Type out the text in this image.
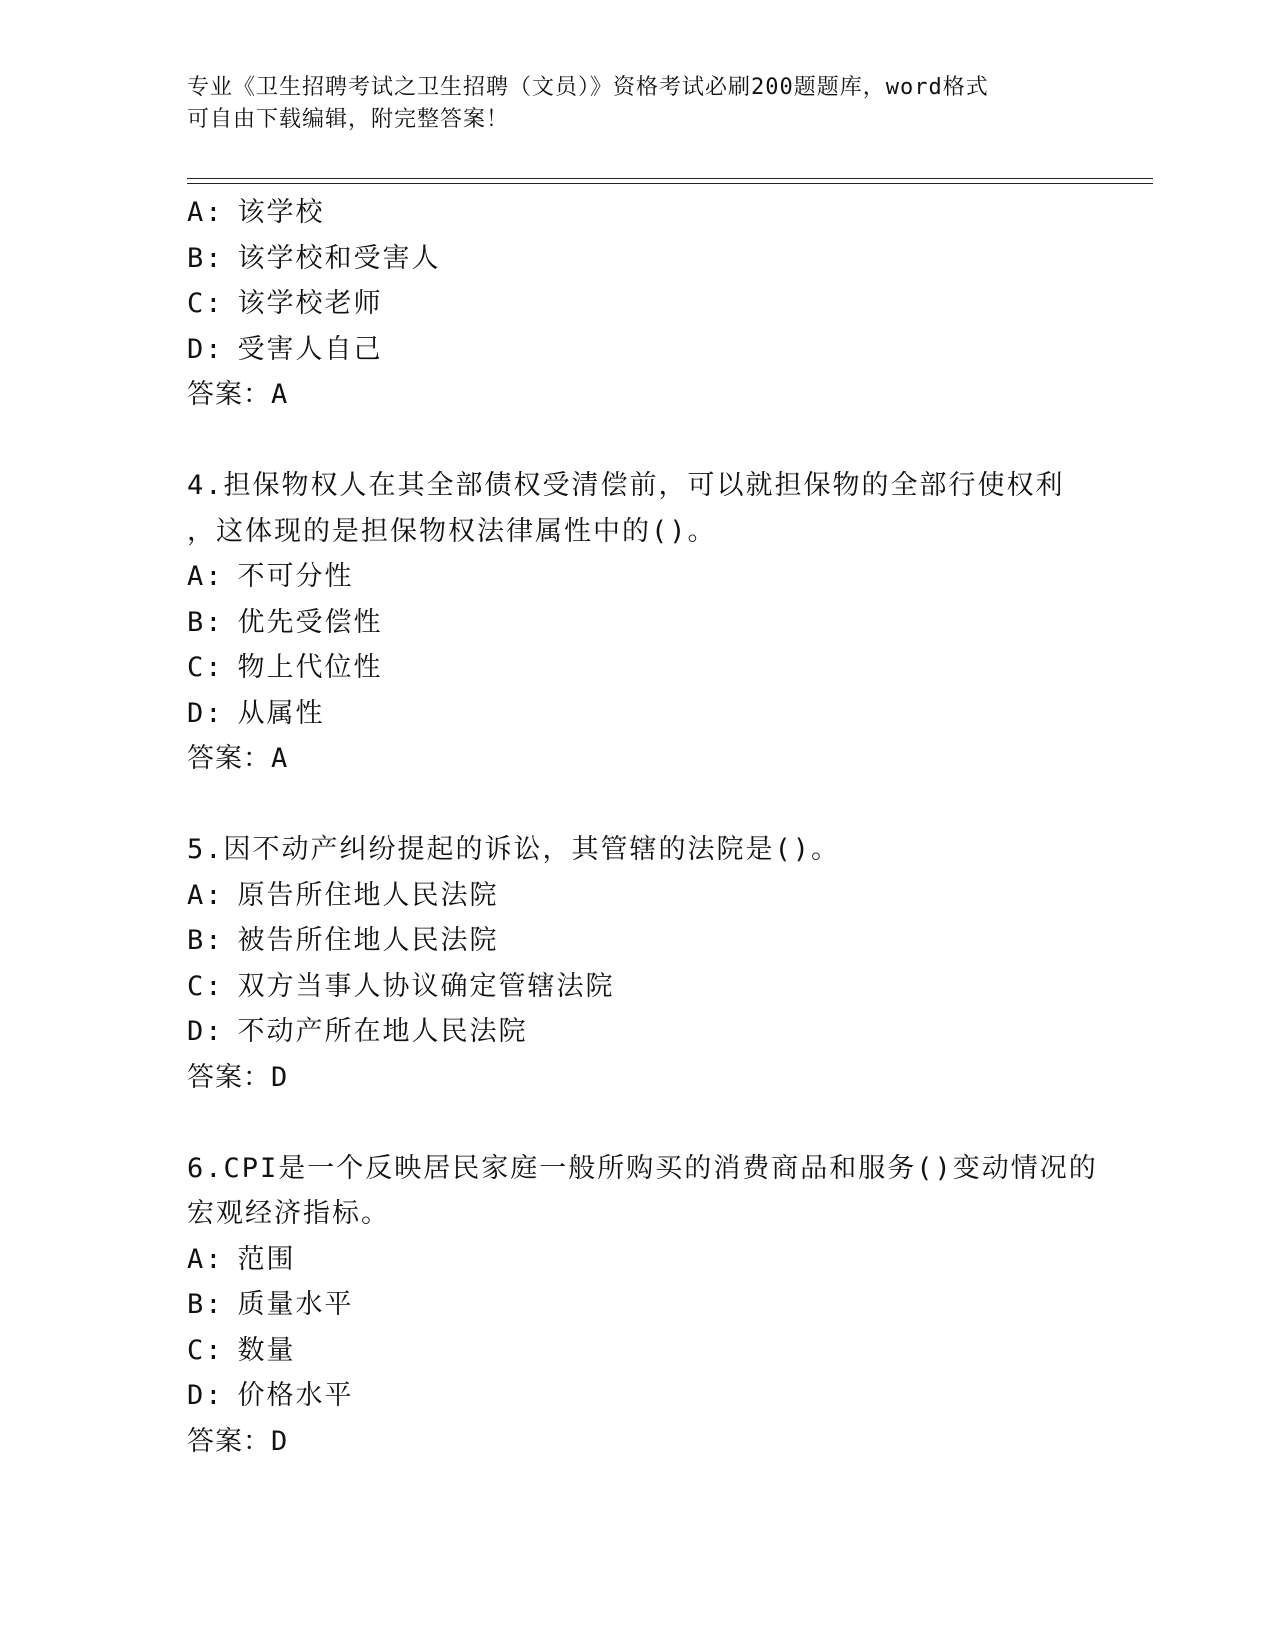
专业《卫生招聘考试之卫生招聘（文员）》资格考试必刷200题题库，word格式
可自由下载编辑，附完整答案！
A: 该学校
B: 该学校和受害人
C: 该学校老师
D: 受害人自己
答案：A
4.担保物权人在其全部债权受清偿前，可以就担保物的全部行使权利
，这体现的是担保物权法律属性中的()。
A: 不可分性
B: 优先受偿性
C: 物上代位性
D: 从属性
答案：A
5.因不动产纠纷提起的诉讼，其管辖的法院是()。
A: 原告所住地人民法院
B: 被告所住地人民法院
C: 双方当事人协议确定管辖法院
D: 不动产所在地人民法院
答案：D
6.CPI是一个反映居民家庭一般所购买的消费商品和服务()变动情况的
宏观经济指标。
A: 范围
B: 质量水平
C: 数量
D: 价格水平
答案：D
